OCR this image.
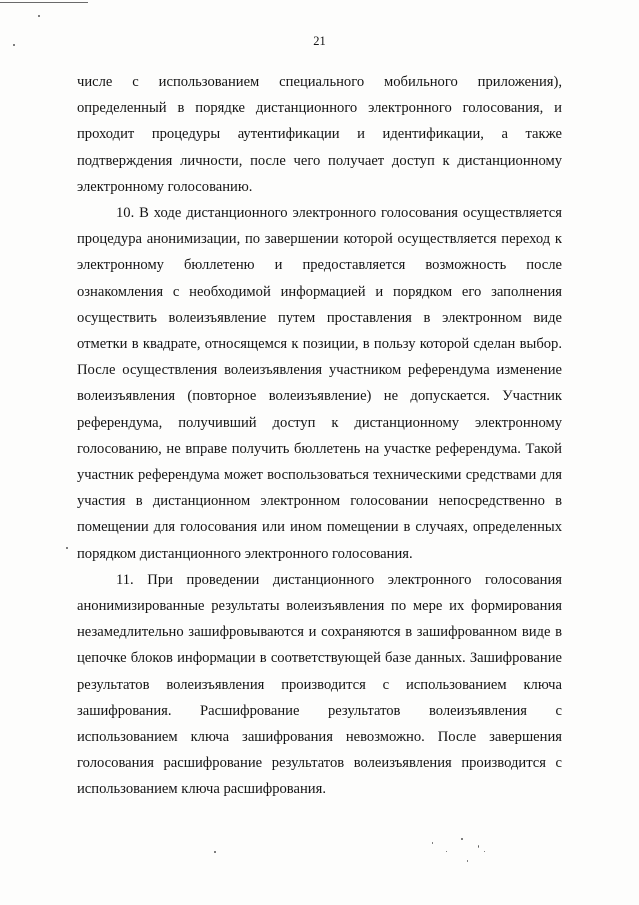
21

числе с использованием специального мобильного приложения), определенный в порядке дистанционного электронного голосования, и проходит процедуры аутентификации и идентификации, а также подтверждения личности, после чего получает доступ к дистанционному электронному голосованию.

10. В ходе дистанционного электронного голосования осуществляется процедура анонимизации, по завершении которой осуществляется переход к электронному бюллетеню и предоставляется возможность после ознакомления с необходимой информацией и порядком его заполнения осуществить волеизъявление путем проставления в электронном виде отметки в квадрате, относящемся к позиции, в пользу которой сделан выбор. После осуществления волеизъявления участником референдума изменение волеизъявления (повторное волеизъявление) не допускается. Участник референдума, получивший доступ к дистанционному электронному голосованию, не вправе получить бюллетень на участке референдума. Такой участник референдума может воспользоваться техническими средствами для участия в дистанционном электронном голосовании непосредственно в помещении для голосования или ином помещении в случаях, определенных порядком дистанционного электронного голосования.

11. При проведении дистанционного электронного голосования анонимизированные результаты волеизъявления по мере их формирования незамедлительно зашифровываются и сохраняются в зашифрованном виде в цепочке блоков информации в соответствующей базе данных. Зашифрование результатов волеизъявления производится с использованием ключа зашифрования. Расшифрование результатов волеизъявления с использованием ключа зашифрования невозможно. После завершения голосования расшифрование результатов волеизъявления производится с использованием ключа расшифрования.
